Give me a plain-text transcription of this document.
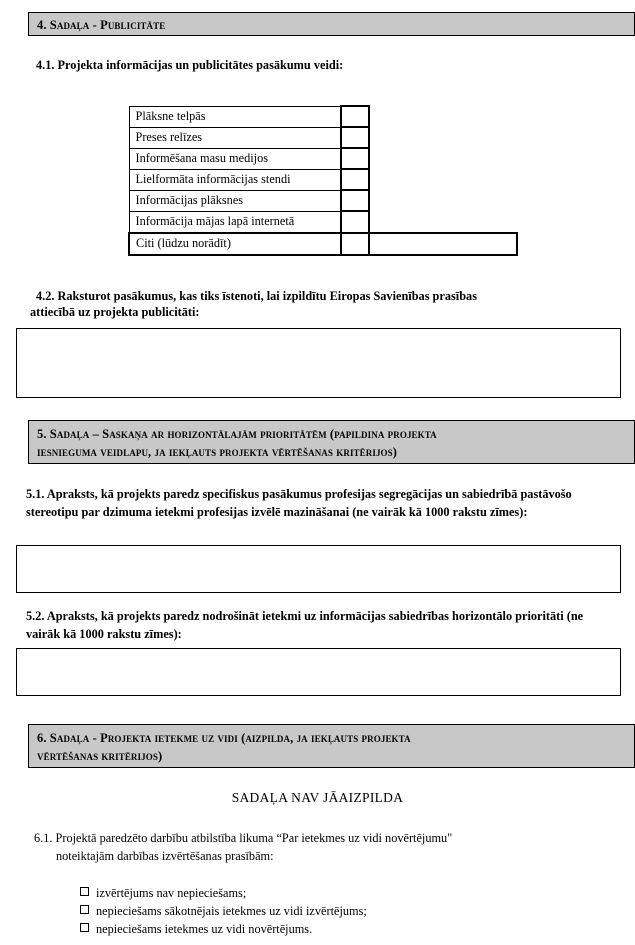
4. Sadaļa - Publicitāte
4.1. Projekta informācijas un publicitātes pasākumu veidi:
Plāksne telpās		
Preses relīzes		
Informēšana masu medijos		
Lielformāta informācijas stendi		
Informācijas plāksnes		
Informācija mājas lapā internetā		
Citi (lūdzu norādīt)		
4.2. Raksturot pasākumus, kas tiks īstenoti, lai izpildītu Eiropas Savienības prasības
attiecībā uz projekta publicitāti:
5. Sadaļa – Saskaņa ar horizontālajām prioritātēm (papildina projekta
iesnieguma veidlapu, ja iekļauts projekta vērtēšanas kritērijos)
5.1. Apraksts, kā projekts paredz specifiskus pasākumus profesijas segregācijas un sabiedrībā pastāvošo stereotipu par dzimuma ietekmi profesijas izvēlē mazināšanai (ne vairāk kā 1000 rakstu zīmes):
5.2. Apraksts, kā projekts paredz nodrošināt ietekmi uz informācijas sabiedrības horizontālo prioritāti (ne vairāk kā 1000 rakstu zīmes):
6. Sadaļa - Projekta ietekme uz vidi (aizpilda, ja iekļauts projekta
vērtēšanas kritērijos)
SADAĻA NAV JĀAIZPILDA
6.1. Projektā paredzēto darbību atbilstība likuma “Par ietekmes uz vidi novērtējumu"
noteiktajām darbības izvērtēšanas prasībām:
izvērtējums nav nepieciešams;
nepieciešams sākotnējais ietekmes uz vidi izvērtējums;
nepieciešams ietekmes uz vidi novērtējums.
